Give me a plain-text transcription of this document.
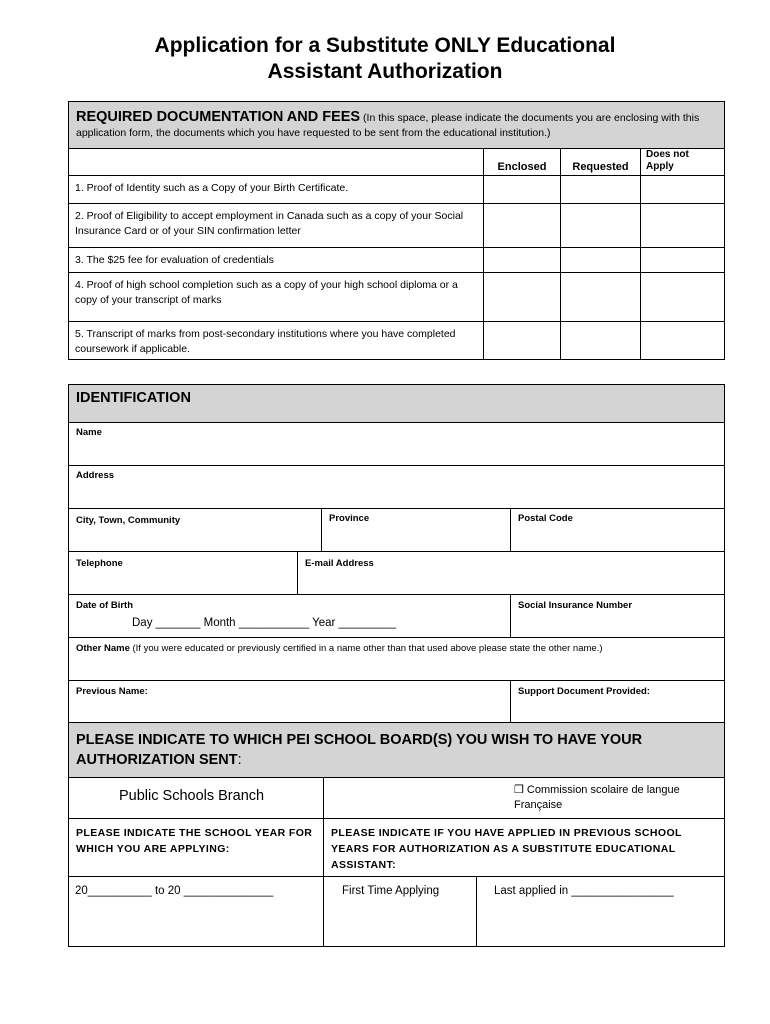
Application for a Substitute ONLY Educational
Assistant Authorization
REQUIRED DOCUMENTATION AND FEES (In this space, please indicate the documents you are enclosing with this application form, the documents which you have requested to be sent from the educational institution.)			
	Enclosed	Requested	Does not
Apply

1. Proof of Identity such as a Copy of your Birth Certificate.			
2. Proof of Eligibility to accept employment in Canada such as a copy of your Social Insurance Card or of your SIN confirmation letter			
3. The $25 fee for evaluation of credentials			
4. Proof of high school completion such as a copy of your high school diploma or a copy of your transcript of marks			
5. Transcript of marks from post-secondary institutions where you have completed coursework if applicable.			
IDENTIFICATION			
Name			
Address			
City, Town, Community		Province	Postal Code
Telephone	E-mail Address		

Date of Birth
Day _______ Month ___________ Year _________			Social Insurance Number
Other Name (If you were educated or previously certified in a name other than that used above please state the other name.)			
Previous Name:			Support Document Provided:
PLEASE INDICATE TO WHICH PEI SCHOOL BOARD(S) YOU WISH TO HAVE YOUR
AUTHORIZATION SENT:	

Public Schools Branch	❒ Commission scolaire de langue
Française

PLEASE INDICATE THE SCHOOL YEAR FOR WHICH YOU ARE APPLYING:	PLEASE INDICATE IF YOU HAVE APPLIED IN PREVIOUS SCHOOL YEARS FOR AUTHORIZATION AS A SUBSTITUTE EDUCATIONAL ASSISTANT:
20__________ to 20 ______________	First Time Applying Last applied in ________________
